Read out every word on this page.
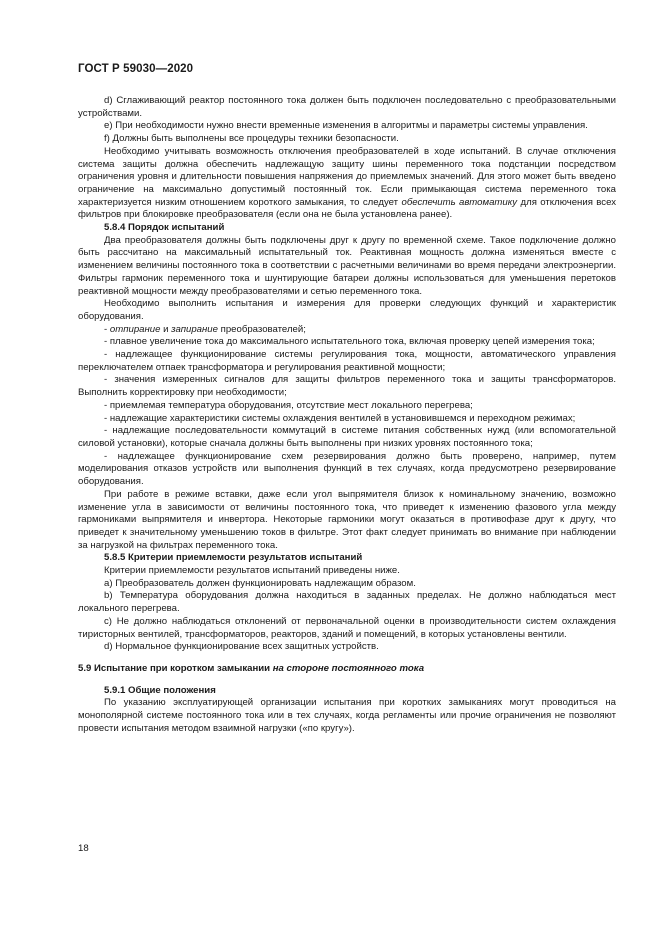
ГОСТ Р 59030—2020

d) Сглаживающий реактор постоянного тока должен быть подключен последовательно с преобразовательными устройствами.

e) При необходимости нужно внести временные изменения в алгоритмы и параметры системы управления.

f) Должны быть выполнены все процедуры техники безопасности.

Необходимо учитывать возможность отключения преобразователей в ходе испытаний. В случае отключения система защиты должна обеспечить надлежащую защиту шины переменного тока подстанции посредством ограничения уровня и длительности повышения напряжения до приемлемых значений. Для этого может быть введено ограничение на максимально допустимый постоянный ток. Если примыкающая система переменного тока характеризуется низким отношением короткого замыкания, то следует обеспечить автоматику для отключения всех фильтров при блокировке преобразователя (если она не была установлена ранее).

5.8.4 Порядок испытаний

Два преобразователя должны быть подключены друг к другу по временной схеме. Такое подключение должно быть рассчитано на максимальный испытательный ток. Реактивная мощность должна изменяться вместе с изменением величины постоянного тока в соответствии с расчетными величинами во время передачи электроэнергии. Фильтры гармоник переменного тока и шунтирующие батареи должны использоваться для уменьшения перетоков реактивной мощности между преобразователями и сетью переменного тока.

Необходимо выполнить испытания и измерения для проверки следующих функций и характеристик оборудования.

- отпирание и запирание преобразователей;

- плавное увеличение тока до максимального испытательного тока, включая проверку цепей измерения тока;

- надлежащее функционирование системы регулирования тока, мощности, автоматического управления переключателем отпаек трансформатора и регулирования реактивной мощности;

- значения измеренных сигналов для защиты фильтров переменного тока и защиты трансформаторов. Выполнить корректировку при необходимости;

- приемлемая температура оборудования, отсутствие мест локального перегрева;

- надлежащие характеристики системы охлаждения вентилей в установившемся и переходном режимах;

- надлежащие последовательности коммутаций в системе питания собственных нужд (или вспомогательной силовой установки), которые сначала должны быть выполнены при низких уровнях постоянного тока;

- надлежащее функционирование схем резервирования должно быть проверено, например, путем моделирования отказов устройств или выполнения функций в тех случаях, когда предусмотрено резервирование оборудования.

При работе в режиме вставки, даже если угол выпрямителя близок к номинальному значению, возможно изменение угла в зависимости от величины постоянного тока, что приведет к изменению фазового угла между гармониками выпрямителя и инвертора. Некоторые гармоники могут оказаться в противофазе друг к другу, что приведет к значительному уменьшению токов в фильтре. Этот факт следует принимать во внимание при наблюдении за нагрузкой на фильтрах переменного тока.

5.8.5 Критерии приемлемости результатов испытаний

Критерии приемлемости результатов испытаний приведены ниже.

a) Преобразователь должен функционировать надлежащим образом.

b) Температура оборудования должна находиться в заданных пределах. Не должно наблюдаться мест локального перегрева.

c) Не должно наблюдаться отклонений от первоначальной оценки в производительности систем охлаждения тиристорных вентилей, трансформаторов, реакторов, зданий и помещений, в которых установлены вентили.

d) Нормальное функционирование всех защитных устройств.

5.9 Испытание при коротком замыкании на стороне постоянного тока

5.9.1 Общие положения

По указанию эксплуатирующей организации испытания при коротких замыканиях могут проводиться на монополярной системе постоянного тока или в тех случаях, когда регламенты или прочие ограничения не позволяют провести испытания методом взаимной нагрузки («по кругу»).

18
